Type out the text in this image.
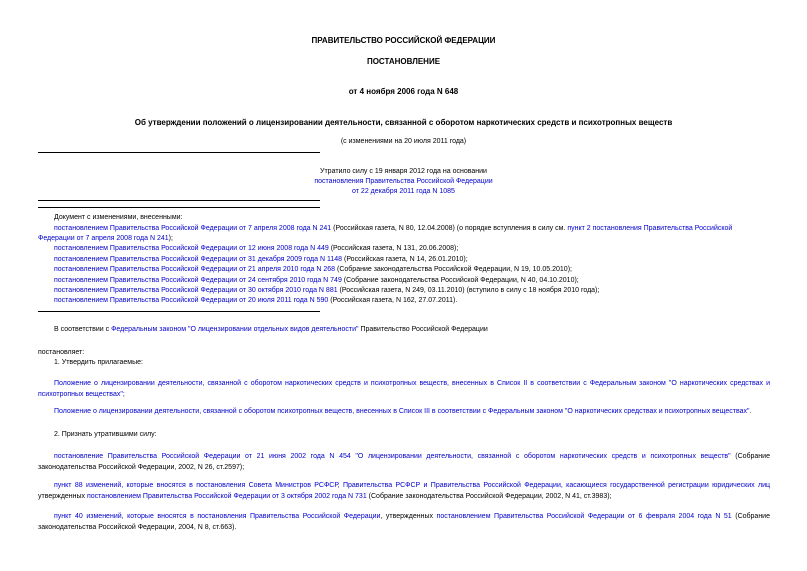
ПРАВИТЕЛЬСТВО РОССИЙСКОЙ ФЕДЕРАЦИИ
ПОСТАНОВЛЕНИЕ
от 4 ноября 2006 года N 648
Об утверждении положений о лицензировании деятельности, связанной с оборотом наркотических средств и психотропных веществ
(с изменениями на 20 июля 2011 года)
Утратило силу с 19 января 2012 года на основании
постановления Правительства Российской Федерации
от 22 декабря 2011 года N 1085
Документ с изменениями, внесенными:
постановлением Правительства Российской Федерации от 7 апреля 2008 года N 241 (Российская газета, N 80, 12.04.2008) (о порядке вступления в силу см. пункт 2 постановления Правительства Российской
Федерации от 7 апреля 2008 года N 241);
постановлением Правительства Российской Федерации от 12 июня 2008 года N 449 (Российская газета, N 131, 20.06.2008);
постановлением Правительства Российской Федерации от 31 декабря 2009 года N 1148 (Российская газета, N 14, 26.01.2010);
постановлением Правительства Российской Федерации от 21 апреля 2010 года N 268 (Собрание законодательства Российской Федерации, N 19, 10.05.2010);
постановлением Правительства Российской Федерации от 24 сентября 2010 года N 749 (Собрание законодательства Российской Федерации, N 40, 04.10.2010);
постановлением Правительства Российской Федерации от 30 октября 2010 года N 881 (Российская газета, N 249, 03.11.2010) (вступило в силу с 18 ноября 2010 года);
постановлением Правительства Российской Федерации от 20 июля 2011 года N 590 (Российская газета, N 162, 27.07.2011).
В соответствии с Федеральным законом "О лицензировании отдельных видов деятельности" Правительство Российской Федерации
постановляет:
1. Утвердить прилагаемые:
Положение о лицензировании деятельности, связанной с оборотом наркотических средств и психотропных веществ, внесенных в Список II в соответствии с Федеральным законом "О наркотических средствах и психотропных веществах";
Положение о лицензировании деятельности, связанной с оборотом психотропных веществ, внесенных в Список III в соответствии с Федеральным законом "О наркотических средствах и психотропных веществах".
2. Признать утратившими силу:
постановление Правительства Российской Федерации от 21 июня 2002 года N 454 "О лицензировании деятельности, связанной с оборотом наркотических средств и психотропных веществ" (Собрание законодательства Российской Федерации, 2002, N 26, ст.2597);
пункт 88 изменений, которые вносятся в постановления Совета Министров РСФСР, Правительства РСФСР и Правительства Российской Федерации, касающиеся государственной регистрации юридических лиц утвержденных постановлением Правительства Российской Федерации от 3 октября 2002 года N 731 (Собрание законодательства Российской Федерации, 2002, N 41, ст.3983);
пункт 40 изменений, которые вносятся в постановления Правительства Российской Федерации, утвержденных постановлением Правительства Российской Федерации от 6 февраля 2004 года N 51 (Собрание законодательства Российской Федерации, 2004, N 8, ст.663).
